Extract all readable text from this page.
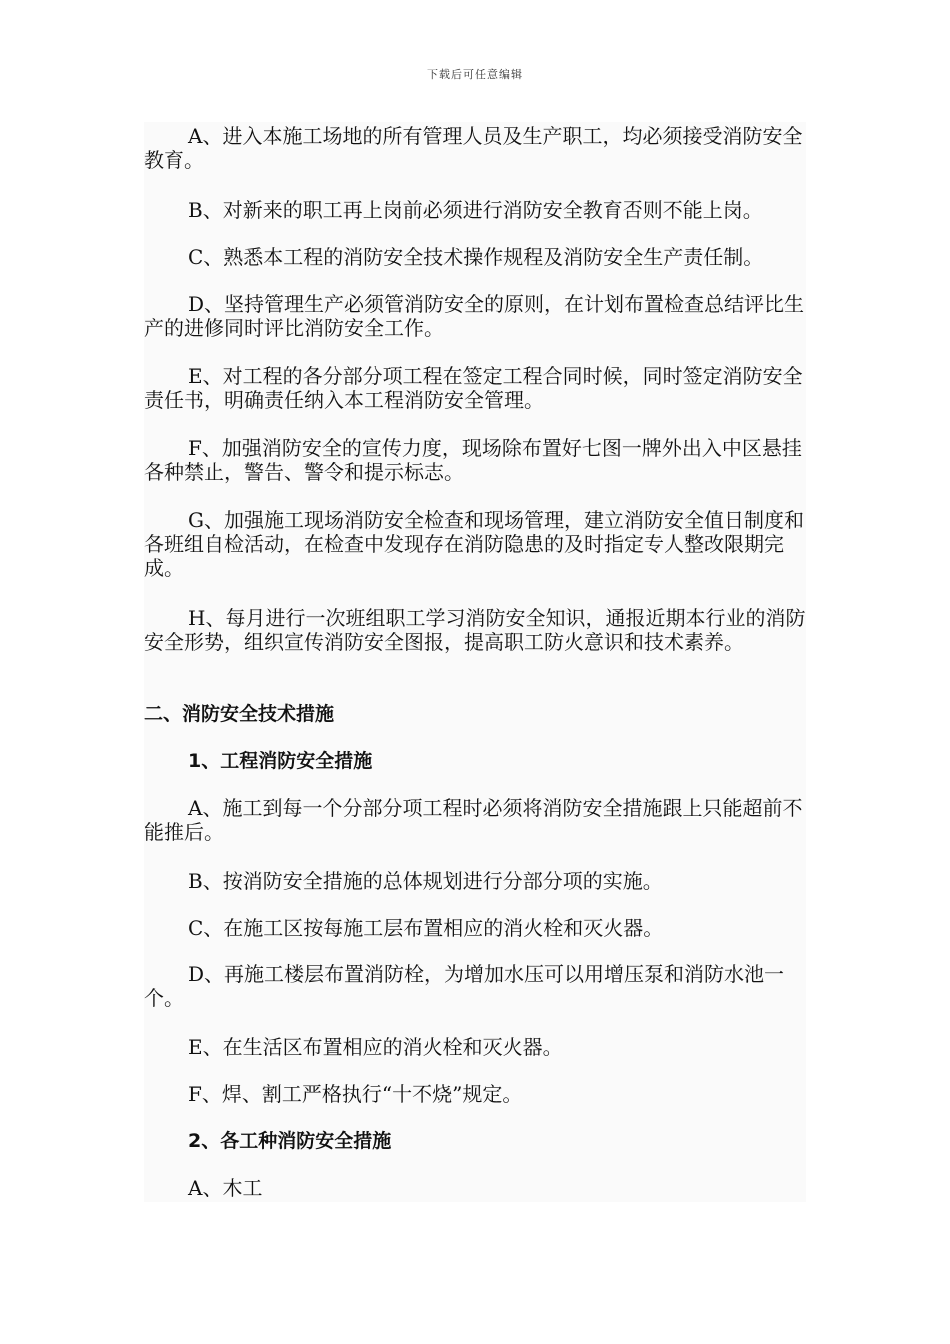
下载后可任意编辑

A、进入本施工场地的所有管理人员及生产职工，均必须接受消防安全教育。

B、对新来的职工再上岗前必须进行消防安全教育否则不能上岗。

C、熟悉本工程的消防安全技术操作规程及消防安全生产责任制。

D、坚持管理生产必须管消防安全的原则，在计划布置检查总结评比生产的进修同时评比消防安全工作。

E、对工程的各分部分项工程在签定工程合同时候，同时签定消防安全责任书，明确责任纳入本工程消防安全管理。

F、加强消防安全的宣传力度，现场除布置好七图一牌外出入中区悬挂各种禁止，警告、警令和提示标志。

G、加强施工现场消防安全检查和现场管理，建立消防安全值日制度和各班组自检活动，在检查中发现存在消防隐患的及时指定专人整改限期完成。

H、每月进行一次班组职工学习消防安全知识，通报近期本行业的消防安全形势，组织宣传消防安全图报，提高职工防火意识和技术素养。

二、消防安全技术措施

1、工程消防安全措施

A、施工到每一个分部分项工程时必须将消防安全措施跟上只能超前不能推后。

B、按消防安全措施的总体规划进行分部分项的实施。

C、在施工区按每施工层布置相应的消火栓和灭火器。

D、再施工楼层布置消防栓，为增加水压可以用增压泵和消防水池一个。

E、在生活区布置相应的消火栓和灭火器。

F、焊、割工严格执行“十不烧”规定。

2、各工种消防安全措施

A、木工
